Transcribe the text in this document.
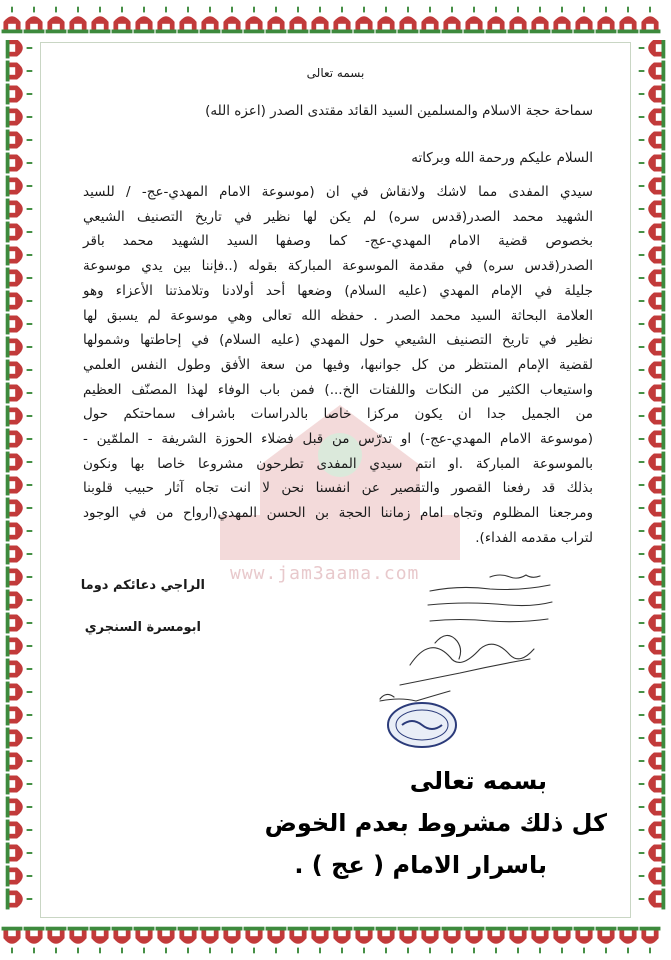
www.jam3aama.com
بسمه تعالى
سماحة حجة الاسلام والمسلمين السيد القائد مقتدى الصدر (اعزه الله)
السلام عليكم ورحمة الله وبركاته
سيدي المفدى مما لاشك ولانقاش في ان (موسوعة الامام المهدي-عج- / للسيد
الشهيد محمد الصدر(قدس سره) لم يكن لها نظير في تاريخ التصنيف الشيعي
بخصوص قضية الامام المهدي-عج- كما وصفها السيد الشهيد محمد باقر
الصدر(قدس سره) في مقدمة الموسوعة المباركة بقوله (..فإننا بين يدي موسوعة
جليلة في الإمام المهدي (عليه السلام) وضعها أحد أولادنا وتلامذتنا الأعزاء وهو
العلامة البحاثة السيد محمد الصدر . حفظه الله تعالى وهي موسوعة لم يسبق لها
نظير في تاريخ التصنيف الشيعي حول المهدي (عليه السلام) في إحاطتها وشمولها
لقضية الإمام المنتظر من كل جوانبها، وفيها من سعة الأفق وطول النفس العلمي
واستيعاب الكثير من النكات واللفتات الخ...) فمن باب الوفاء لهذا المصنّف العظيم
من الجميل جدا ان يكون مركزا خاصا بالدراسات باشراف سماحتكم حول
(موسوعة الامام المهدي-عج-) او تدرّس من قبل فضلاء الحوزة الشريفة - الملمّين -
بالموسوعة المباركة .او انتم سيدي المفدى تطرحون مشروعا خاصا بها ونكون
بذلك قد رفعنا القصور والتقصير عن انفسنا نحن لا انت تجاه آثار حبيب قلوبنا
ومرجعنا المظلوم وتجاه امام زماننا الحجة بن الحسن المهدي(ارواح من في الوجود
لتراب مقدمه الفداء).
الراجي دعائكم دوما
ابومسرة السنجري
بسمه تعالى
كل ذلك مشروط بعدم الخوض
باسرار الامام ( عج ) .
